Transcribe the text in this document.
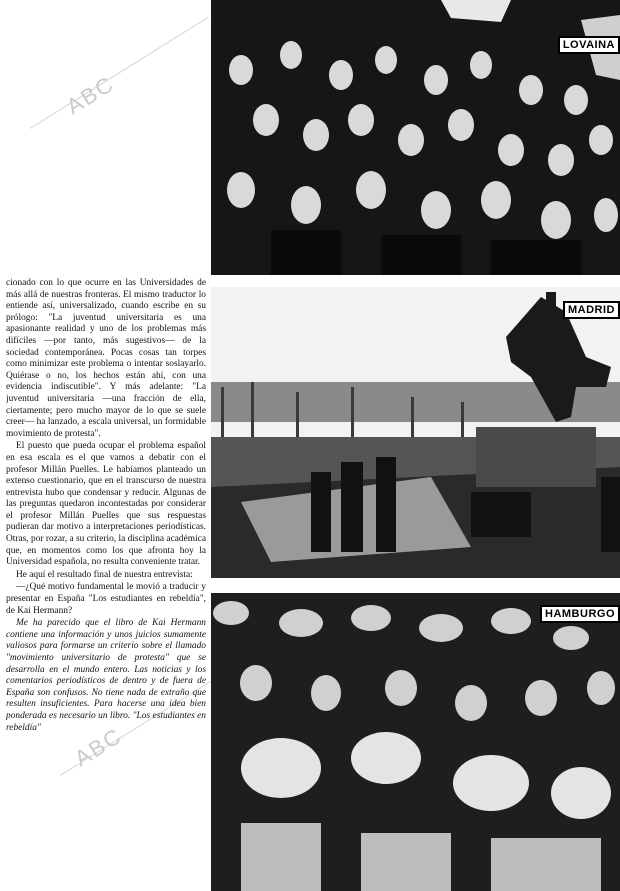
ABC
ABC
LOVAINA
MADRID
HAMBURGO

cionado con lo que ocurre en las Universidades de más allá de nuestras fronteras. El mismo traductor lo entiende así, universalizado, cuando escribe en su prólogo: "La juventud universitaria es una apasionante realidad y uno de los problemas más difíciles —por tanto, más sugestivos— de la sociedad contemporánea. Pocas cosas tan torpes como minimizar este problema o intentar soslayarlo. Quiérase o no, los hechos están ahí, con una evidencia indiscutible". Y más adelante: "La juventud universitaria —una fracción de ella, ciertamente; pero mucho mayor de lo que se suele creer— ha lanzado, a escala universal, un formidable movimiento de protesta".

El puesto que pueda ocupar el problema español en esa escala es el que vamos a debatir con el profesor Millán Puelles. Le habíamos planteado un extenso cuestionario, que en el transcurso de nuestra entrevista hubo que condensar y reducir. Algunas de las preguntas quedaron incontestadas por considerar el profesor Millán Puelles que sus respuestas pudieran dar motivo a interpretaciones periodísticas. Otras, por rozar, a su criterio, la disciplina académica que, en momentos como los que afronta hoy la Universidad española, no resulta conveniente tratar.

He aquí el resultado final de nuestra entrevista:

—¿Qué motivo fundamental le movió a traducir y presentar en España "Los estudiantes en rebeldía", de Kai Hermann?

Me ha parecido que el libro de Kai Hermann contiene una información y unos juicios sumamente valiosos para formarse un criterio sobre el llamado "movimiento universitario de protesta" que se desarrolla en el mundo entero. Las noticias y los comentarios periodísticos de dentro y de fuera de España son confusos. No tiene nada de extraño que resulten insuficientes. Para hacerse una idea bien ponderada es necesario un libro. "Los estudiantes en rebeldía"
